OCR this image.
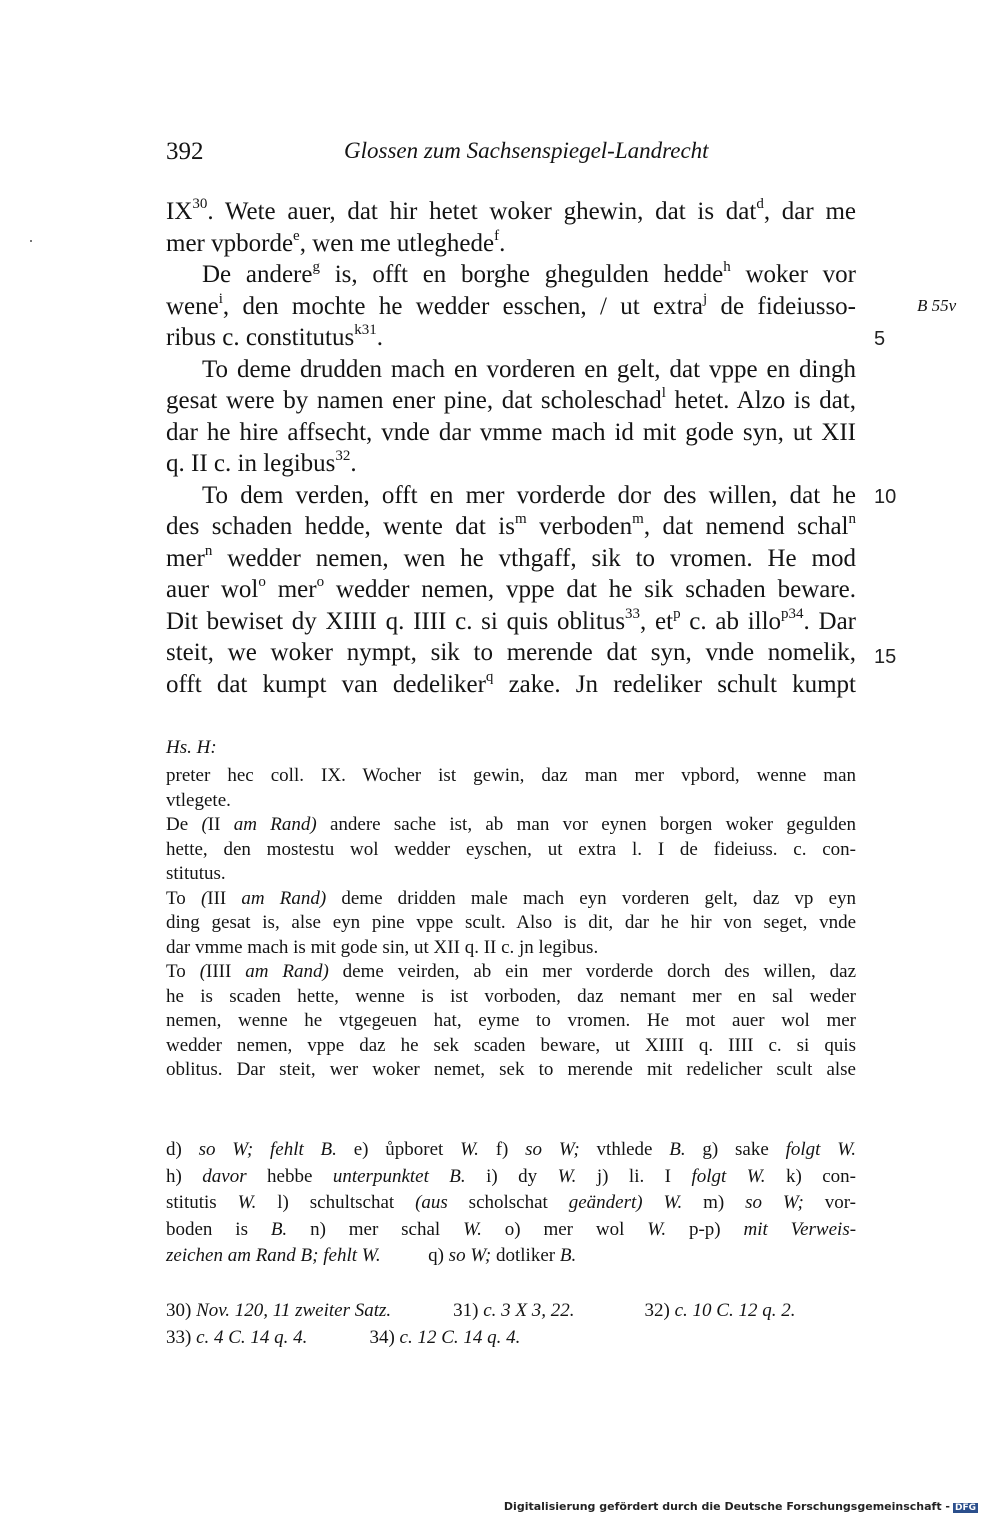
392	Glossen zum Sachsenspiegel-Landrecht
IX$^{30}$. Wete auer, dat hir hetet woker ghewin, dat is dat$^d$, dar me
mer vpborde$^e$, wen me utleghede$^f$.
De andere$^g$ is, offt en borghe ghegulden hedde$^h$ woker vor
wene$^i$, den mochte he wedder esschen, / ut extra$^j$ de fideiusso-
ribus c. constitutus$^{k31}$.
To deme drudden mach en vorderen en gelt, dat vppe en dingh
gesat were by namen ener pine, dat scholeschad$^l$ hetet. Alzo is dat,
dar he hire affsecht, vnde dar vmme mach id mit gode syn, ut XII
q. II c. in legibus$^{32}$.
To dem verden, offt en mer vorderde dor des willen, dat he
des schaden hedde, wente dat $is^m$ verboden$^m$, dat nemend schal$^n$
mer$^n$ wedder nemen, wen he vthgaff, sik to vromen. He mod
auer wol$^o$ mer$^o$ wedder nemen, vppe dat he sik schaden beware.
Dit bewiset dy XIIII q. IIII c. si quis oblitus$^{33}$, $et^p$ c. ab illo$^{p34}$. Dar
steit, we woker nympt, sik to merende dat syn, vnde nomelik,
offt dat kumpt van dedeliker$^q$ zake. Jn redeliker schult kumpt
B 55v
5
10
15
Hs. H:
preter hec coll. IX. Wocher ist gewin, daz man mer vpbord, wenne man
vtlegete.
De (II am Rand) andere sache ist, ab man vor eynen borgen woker gegulden
hette, den mostestu wol wedder eyschen, ut extra l. I de fideiuss. c. con-
stitutus.
To (III am Rand) deme dridden male mach eyn vorderen gelt, daz vp eyn
ding gesat is, alse eyn pine vppe scult. Also is dit, dar he hir von seget, vnde
dar vmme mach is mit gode sin, ut XII q. II c. jn legibus.
To (IIII am Rand) deme veirden, ab ein mer vorderde dorch des willen, daz
he is scaden hette, wenne is ist vorboden, daz nemant mer en sal weder
nemen, wenne he vtgegeuen hat, eyme to vromen. He mot auer wol mer
wedder nemen, vppe daz he sek scaden beware, ut XIIII q. IIII c. si quis
oblitus. Dar steit, wer woker nemet, sek to merende mit redelicher scult alse
d) so W; fehlt B. e) ůpboret W. f) so W; vthlede B. g) sake folgt W.
h) davor hebbe unterpunktet B. i) dy W. j) li. I folgt W. k) con-
stitutis W. l) schultschat (aus scholschat geändert) W. m) so W; vor-
boden is B. n) mer schal W. o) mer wol W. p-p) mit Verweis-
zeichen am Rand B; fehlt W.	q) so W; dotliker B.
30) Nov. 120, 11 zweiter Satz.	31) c. 3 X 3, 22.	32) c. 10 C. 12 q. 2.
33) c. 4 C. 14 q. 4.	34) c. 12 C. 14 q. 4.
Digitalisierung gefördert durch die Deutsche Forschungsgemeinschaft - DFG
